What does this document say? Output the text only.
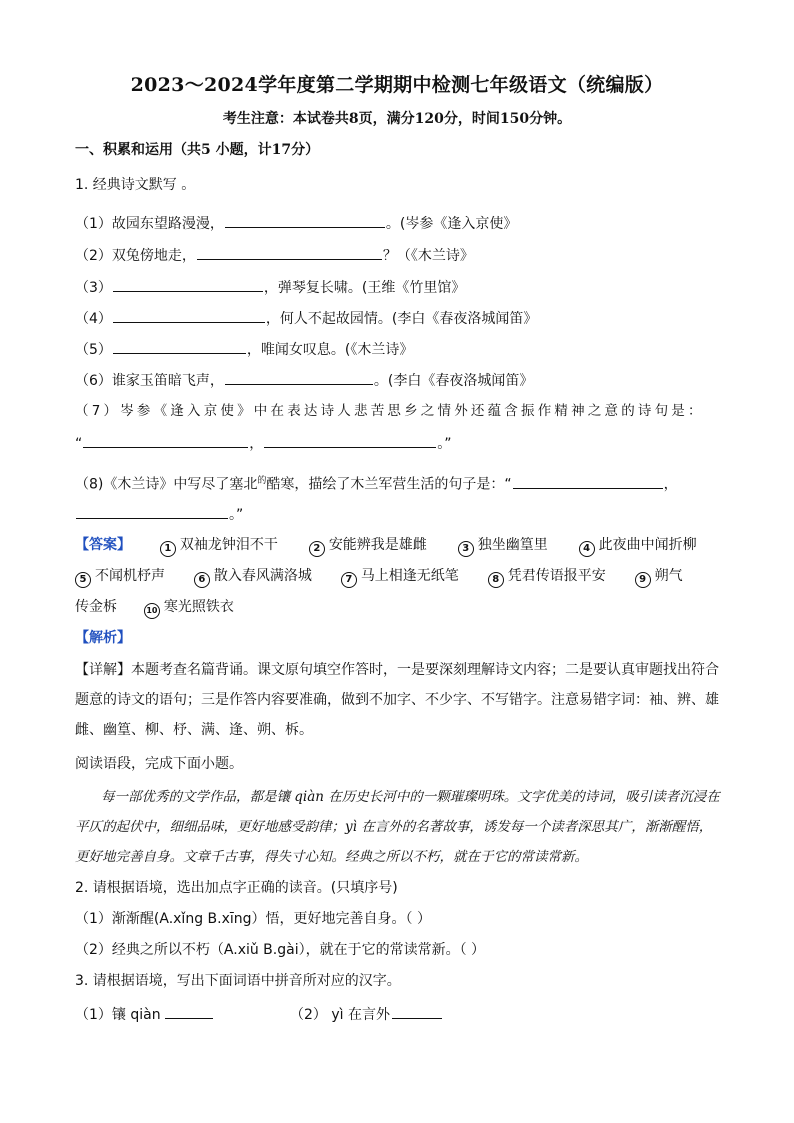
2023～2024学年度第二学期期中检测七年级语文（统编版）
考生注意：本试卷共8页，满分120分，时间150分钟。
一、积累和运用（共5 小题，计17分）
1. 经典诗文默写 。
（1）故园东望路漫漫，	。(岑参《逢入京使》
（2）双兔傍地走，	？（《木兰诗》
（3）	，弹琴复长啸。(王维《竹里馆》
（4）	，何人不起故园情。(李白《春夜洛城闻笛》
（5）	，唯闻女叹息。(《木兰诗》
（6）谁家玉笛暗飞声，	。(李白《春夜洛城闻笛》
（7）岑参《逢入京使》中在表达诗人悲苦思乡之情外还蕴含振作精神之意的诗句是：
“	，	。”
（8)《木兰诗》中写尽了塞北$^的$酷寒，描绘了木兰军营生活的句子是：“	，
。”
【答案】	1 双袖龙钟泪不干	2 安能辨我是雄雌	3 独坐幽篁里	4 此夜曲中闻折柳
5 不闻机杼声	6 散入春风满洛城	7 马上相逢无纸笔	8 凭君传语报平安	9 朔气
传金柝	10 寒光照铁衣
【解析】
【详解】本题考查名篇背诵。课文原句填空作答时，一是要深刻理解诗文内容；二是要认真审题找出符合题意的诗文的语句；三是作答内容要准确，做到不加字、不少字、不写错字。注意易错字词：袖、辨、雄雌、幽篁、柳、杼、满、逢、朔、柝。
阅读语段，完成下面小题。
每一部优秀的文学作品，都是镶 qiàn 在历史长河中的一颗璀璨明珠。文字优美的诗词，吸引读者沉浸在平仄的起伏中，细细品味，更好地感受韵律；yì 在言外的名著故事，诱发每一个读者深思其广，渐渐醒悟，更好地完善自身。文章千古事，得失寸心知。经典之所以不朽，就在于它的常读常新。
2. 请根据语境，选出加点字正确的读音。(只填序号)
（1）渐渐醒(A.xǐng B.xīng）悟，更好地完善自身。（ ）
（2）经典之所以不朽（A.xiǔ B.gài），就在于它的常读常新。（ ）
3. 请根据语境，写出下面词语中拼音所对应的汉字。
（1）镶 qiàn	（2） yì 在言外
